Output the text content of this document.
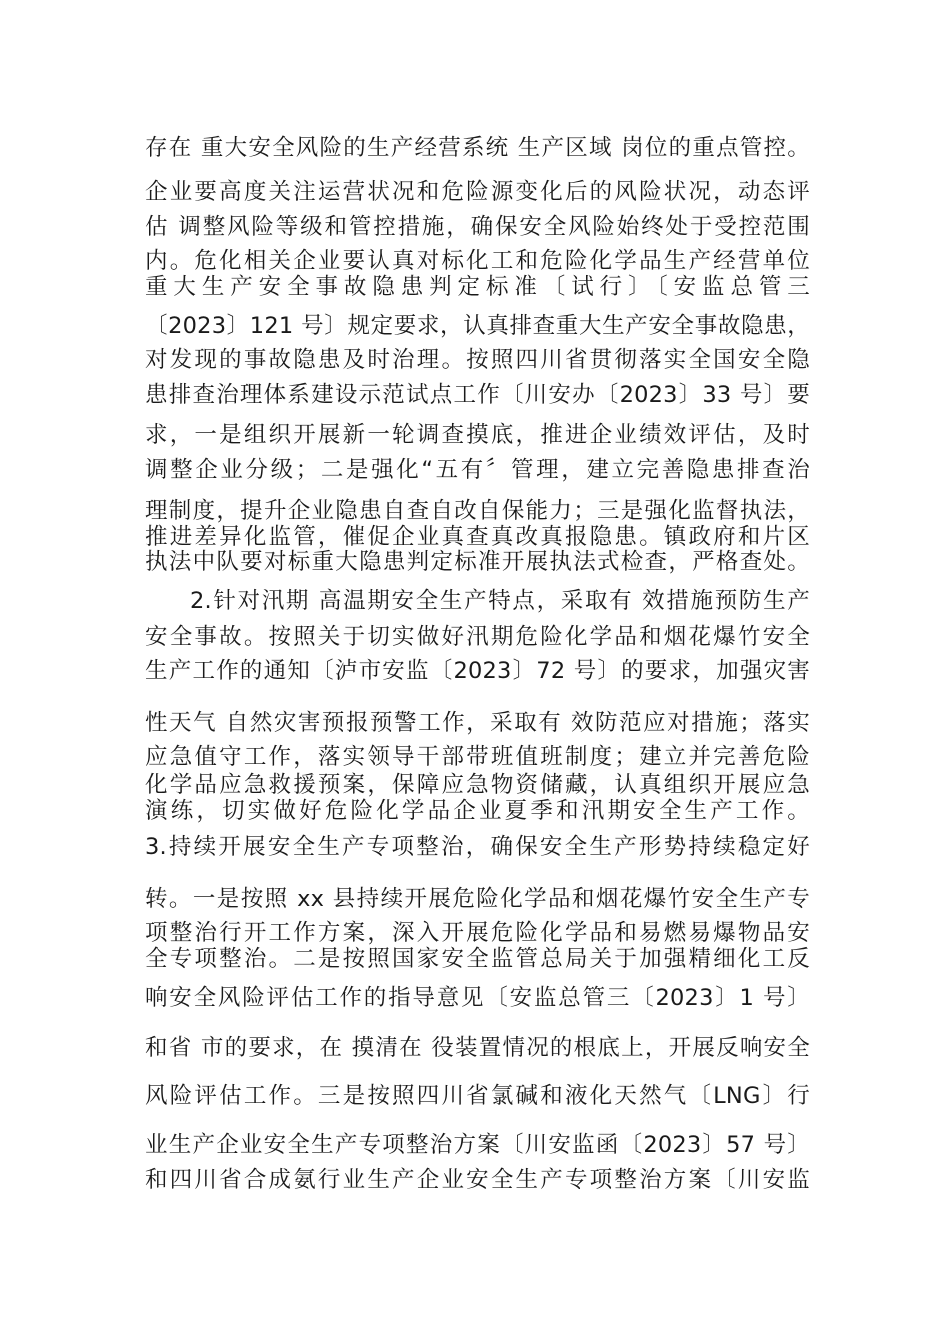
存在 重大安全风险的生产经营系统 生产区域 岗位的重点管控。
企业要高度关注运营状况和危险源变化后的风险状况，动态评
估 调整风险等级和管控措施，确保安全风险始终处于受控范围
内。危化相关企业要认真对标化工和危险化学品生产经营单位
重大生产安全事故隐患判定标准〔试行〕〔安监总管三
〔2023〕121 号〕规定要求，认真排查重大生产安全事故隐患，
对发现的事故隐患及时治理。按照四川省贯彻落实全国安全隐
患排查治理体系建设示范试点工作〔川安办〔2023〕33 号〕要
求，一是组织开展新一轮调查摸底，推进企业绩效评估，及时
调整企业分级；二是强化“五有〞管理，建立完善隐患排查治
理制度，提升企业隐患自查自改自保能力；三是强化监督执法，
推进差异化监管，催促企业真查真改真报隐患。镇政府和片区
执法中队要对标重大隐患判定标准开展执法式检查，严格查处。
2.针对汛期 高温期安全生产特点，采取有 效措施预防生产
安全事故。按照关于切实做好汛期危险化学品和烟花爆竹安全
生产工作的通知〔泸市安监〔2023〕72 号〕的要求，加强灾害
性天气 自然灾害预报预警工作，采取有 效防范应对措施；落实
应急值守工作，落实领导干部带班值班制度；建立并完善危险
化学品应急救援预案，保障应急物资储藏，认真组织开展应急
演练，切实做好危险化学品企业夏季和汛期安全生产工作。
3.持续开展安全生产专项整治，确保安全生产形势持续稳定好
转。一是按照 xx 县持续开展危险化学品和烟花爆竹安全生产专
项整治行开工作方案，深入开展危险化学品和易燃易爆物品安
全专项整治。二是按照国家安全监管总局关于加强精细化工反
响安全风险评估工作的指导意见〔安监总管三〔2023〕1 号〕
和省 市的要求，在 摸清在 役装置情况的根底上，开展反响安全
风险评估工作。三是按照四川省氯碱和液化天然气〔LNG〕行
业生产企业安全生产专项整治方案〔川安监函〔2023〕57 号〕
和四川省合成氨行业生产企业安全生产专项整治方案〔川安监
